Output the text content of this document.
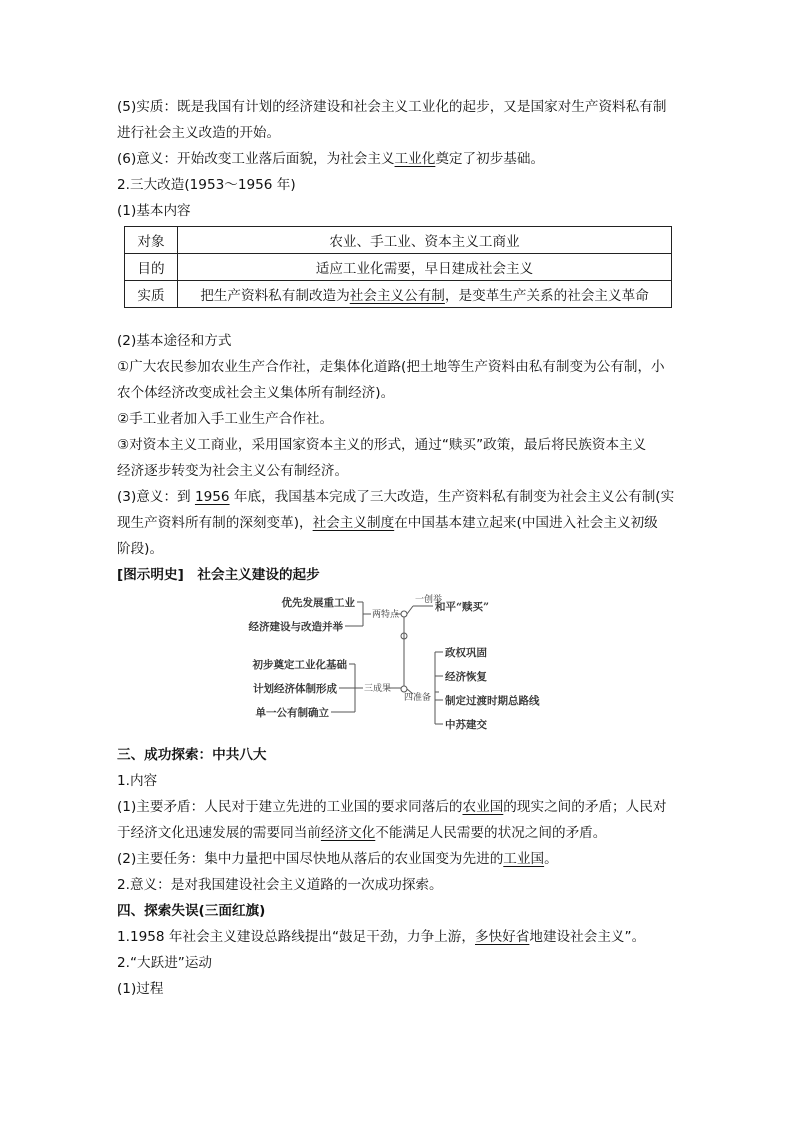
(5)实质：既是我国有计划的经济建设和社会主义工业化的起步，又是国家对生产资料私有制
进行社会主义改造的开始。
(6)意义：开始改变工业落后面貌，为社会主义工业化奠定了初步基础。
2.三大改造(1953～1956 年)
(1)基本内容
对象	农业、手工业、资本主义工商业
目的	适应工业化需要，早日建成社会主义
实质	把生产资料私有制改造为社会主义公有制，是变革生产关系的社会主义革命
(2)基本途径和方式
①广大农民参加农业生产合作社，走集体化道路(把土地等生产资料由私有制变为公有制，小
农个体经济改变成社会主义集体所有制经济)。
②手工业者加入手工业生产合作社。
③对资本主义工商业，采用国家资本主义的形式，通过“赎买”政策，最后将民族资本主义
经济逐步转变为社会主义公有制经济。
(3)意义：到 1956 年底，我国基本完成了三大改造，生产资料私有制变为社会主义公有制(实
现生产资料所有制的深刻变革)，社会主义制度在中国基本建立起来(中国进入社会主义初级
阶段)。
[图示明史]　社会主义建设的起步
优先发展重工业
经济建设与改造并举
两特点
一创举
和平“赎买”
初步奠定工业化基础
计划经济体制形成
单一公有制确立
三成果
四准备
政权巩固
经济恢复
制定过渡时期总路线
中苏建交
三、成功探索：中共八大
1.内容
(1)主要矛盾：人民对于建立先进的工业国的要求同落后的农业国的现实之间的矛盾；人民对
于经济文化迅速发展的需要同当前经济文化不能满足人民需要的状况之间的矛盾。
(2)主要任务：集中力量把中国尽快地从落后的农业国变为先进的工业国。
2.意义：是对我国建设社会主义道路的一次成功探索。
四、探索失误(三面红旗)
1.1958 年社会主义建设总路线提出“鼓足干劲，力争上游，多快好省地建设社会主义”。
2.“大跃进”运动
(1)过程
